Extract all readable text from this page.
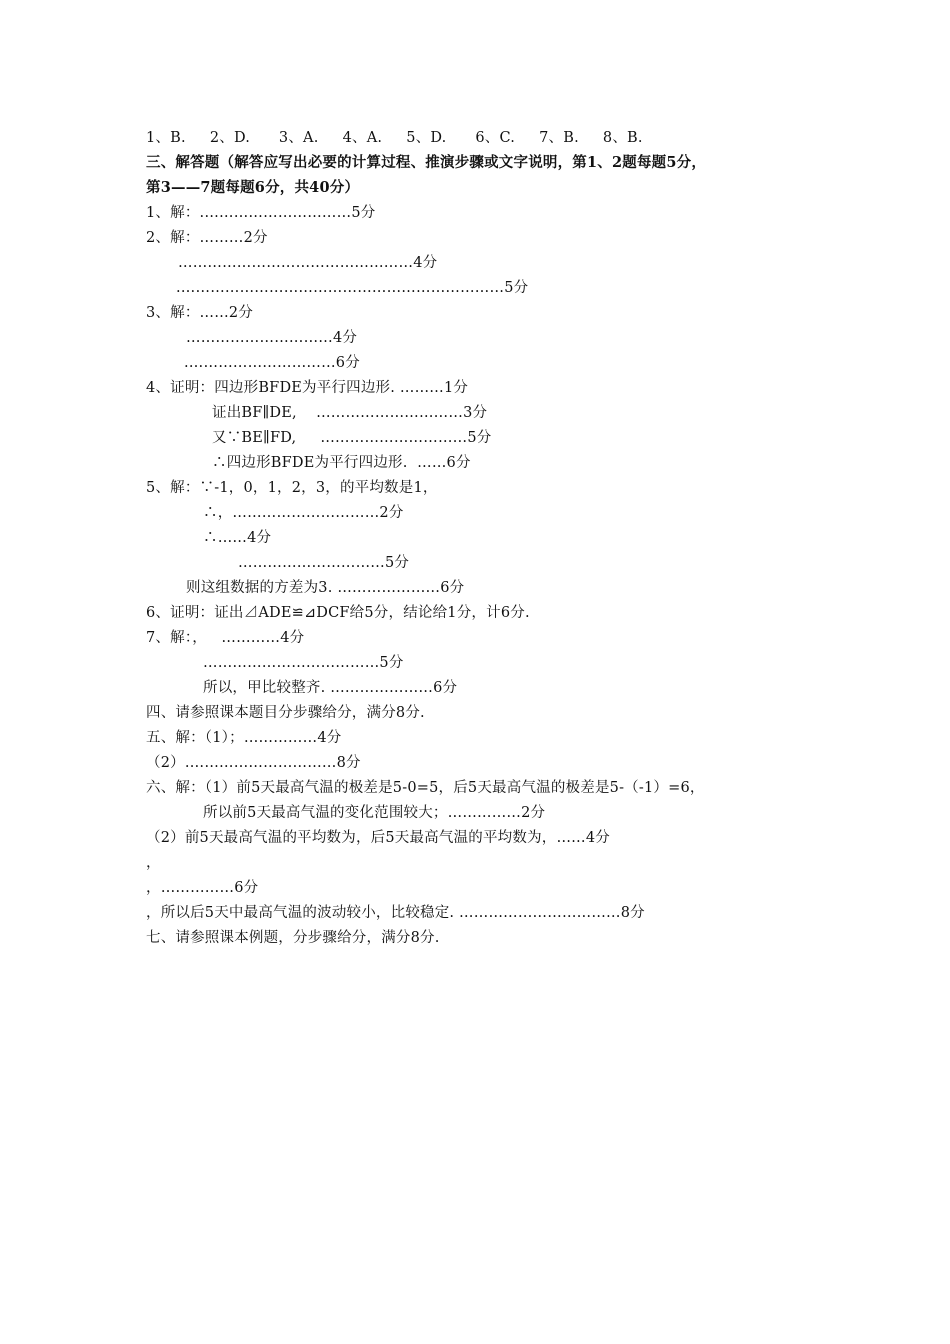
1、B.     2、D.      3、A.     4、A.     5、D.      6、C.     7、B.     8、B.
三、解答题（解答应写出必要的计算过程、推演步骤或文字说明，第1、2题每题5分，
第3——7题每题6分，共40分）
1、解：.…………………………5分
2、解：………2分
…………………………………………4分
.…………………………………………………………5分
3、解：……2分
…………………………4分
.…………………………6分
4、证明：四边形BFDE为平行四边形. ………1分
证出BF∥DE,    …………………………3分
又∵BE∥FD,     …………………………5分
∴四边形BFDE为平行四边形.  ……6分
5、解：∵-1，0，1，2，3，的平均数是1，
∴，…………………………2分
∴……4分
…………………………5分
则这组数据的方差为3. …………………6分
6、证明：证出⊿ADE≌⊿DCF给5分，结论给1分，计6分.
7、解：，   …………4分
………………………………5分
所以，甲比较整齐. …………………6分
四、请参照课本题目分步骤给分，满分8分.
五、解：（1）；……………4分
（2）.…………………………8分
六、解：（1）前5天最高气温的极差是5-0=5，后5天最高气温的极差是5-（-1）=6，
所以前5天最高气温的变化范围较大；……………2分
（2）前5天最高气温的平均数为，后5天最高气温的平均数为，……4分
，
，……………6分
，所以后5天中最高气温的波动较小，比较稳定. ……………………………8分
七、请参照课本例题，分步骤给分，满分8分.
